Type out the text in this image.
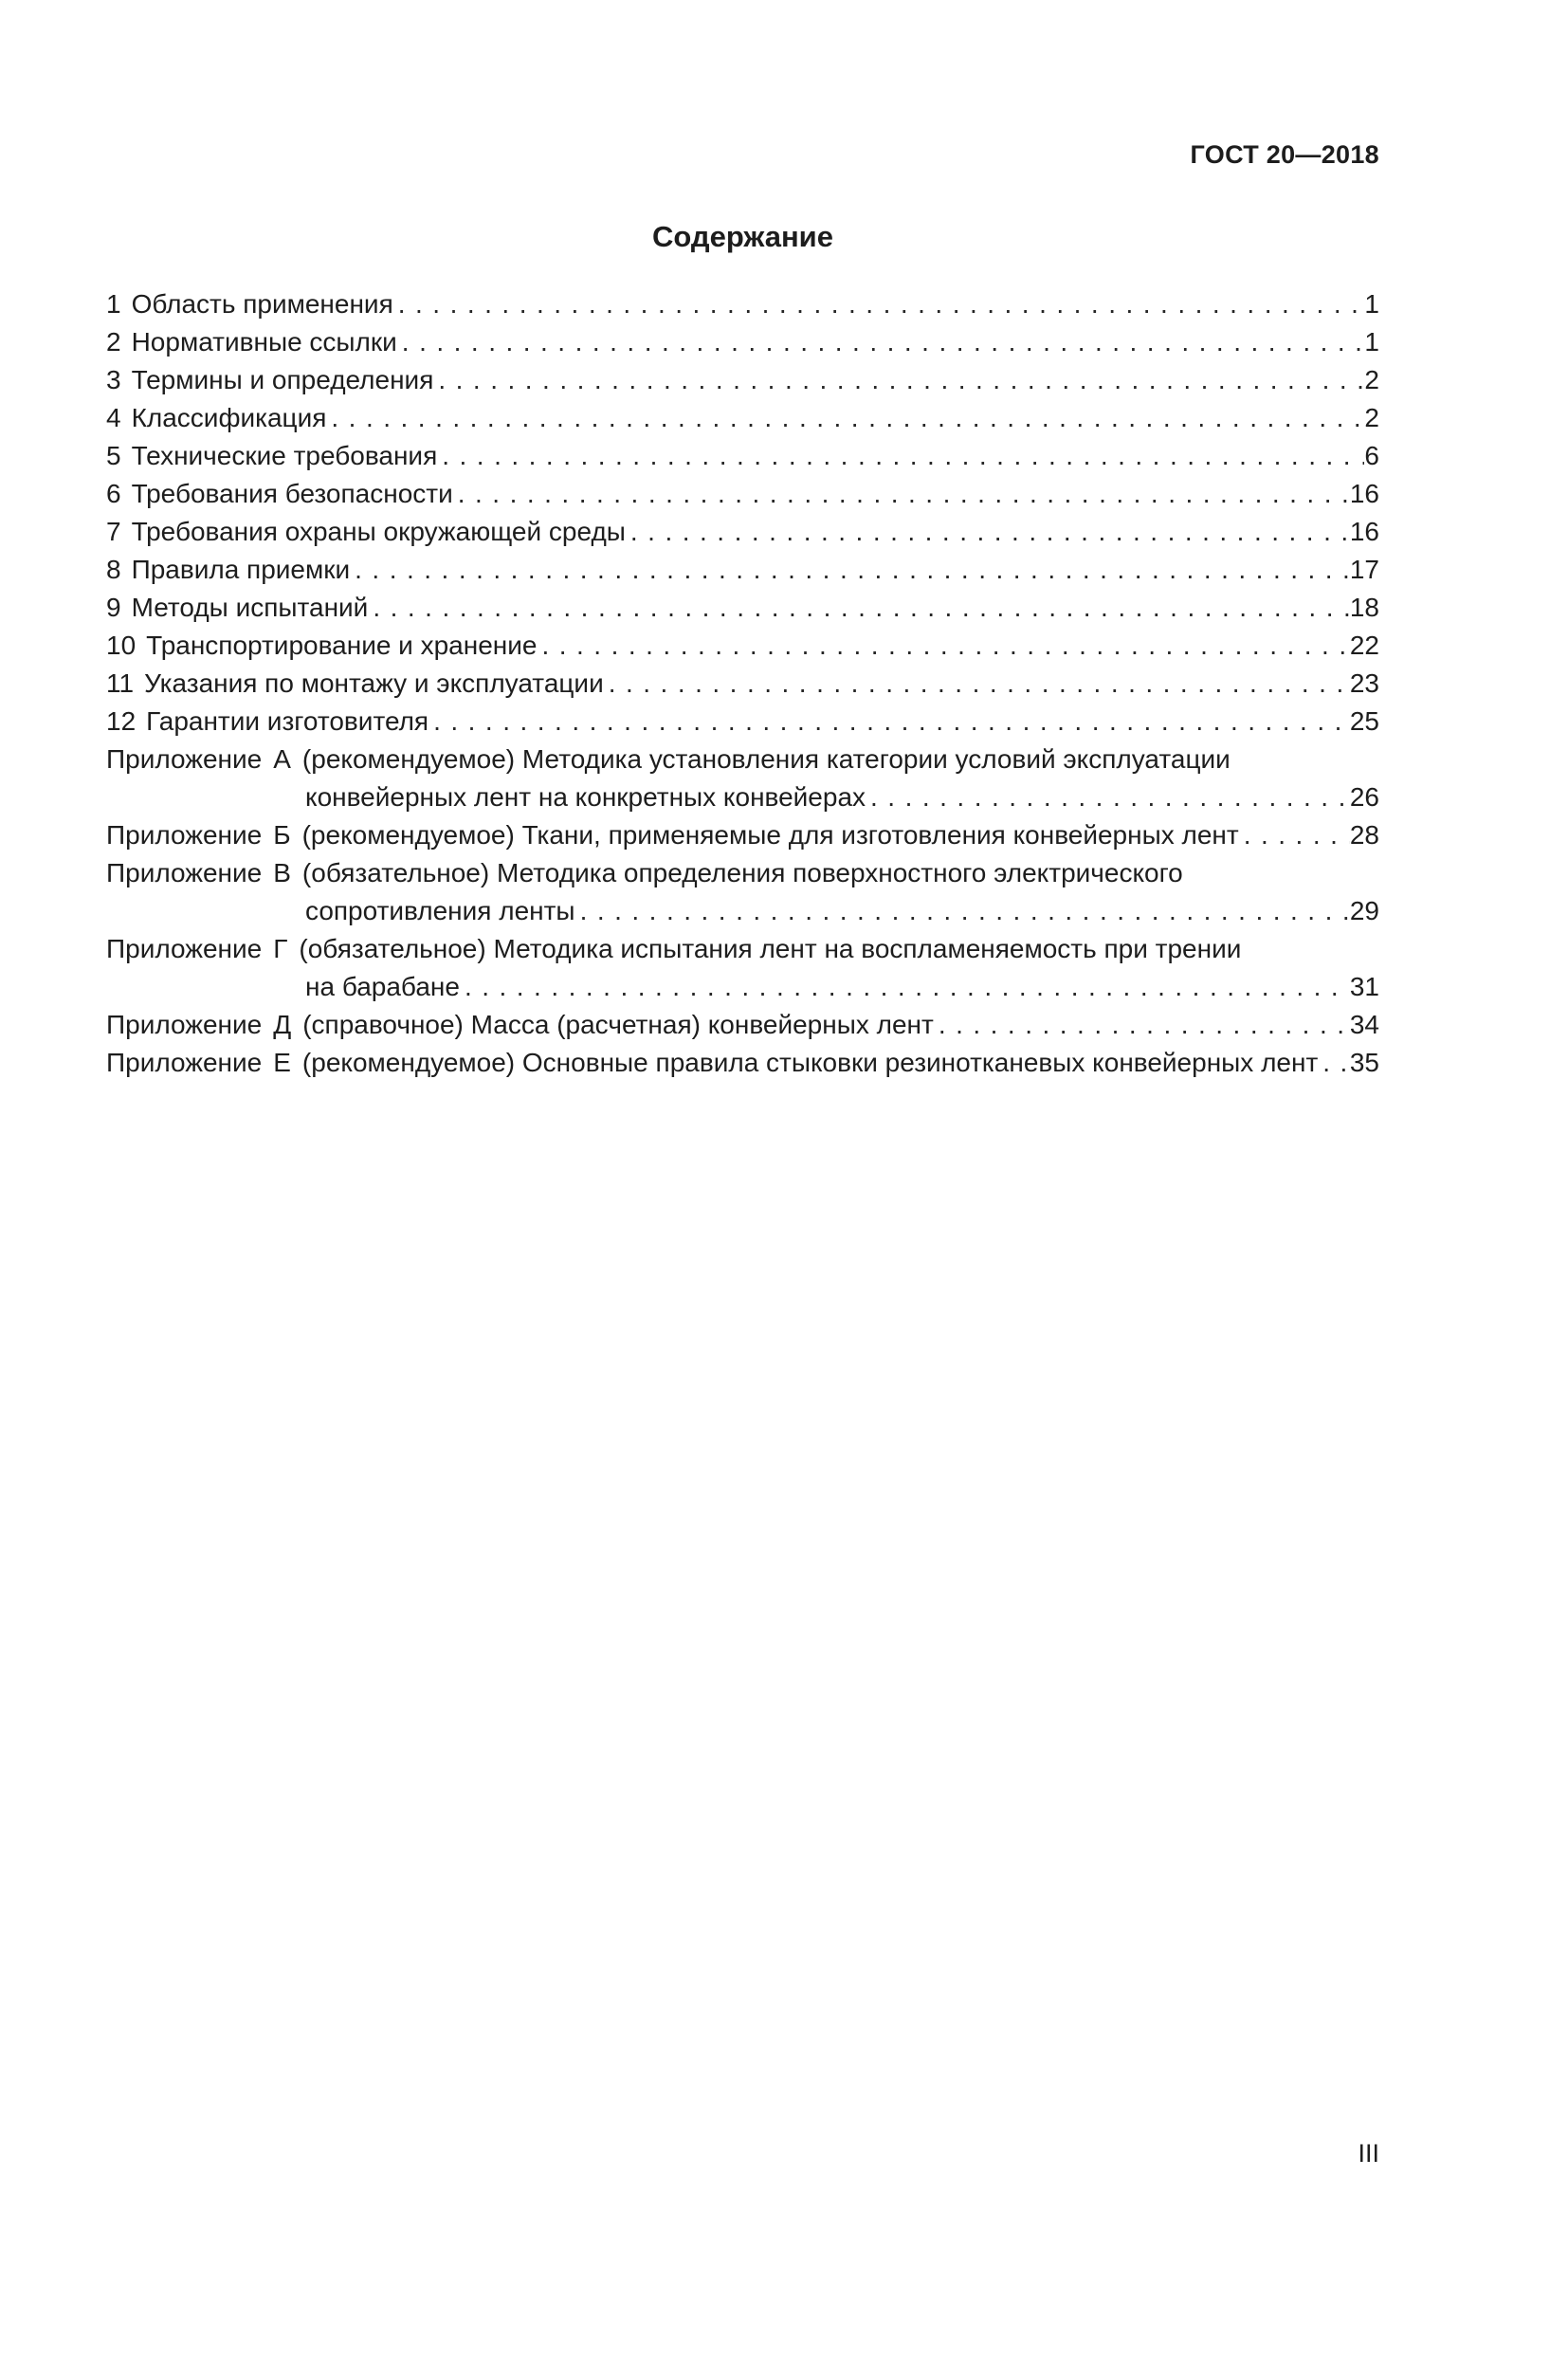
ГОСТ 20—2018
Содержание
1 Область применения .....	1
2 Нормативные ссылки .....	1
3 Термины и определения .....	2
4 Классификация .....	2
5 Технические требования .....	6
6 Требования безопасности .....	16
7 Требования охраны окружающей среды .....	16
8 Правила приемки .....	17
9 Методы испытаний .....	18
10 Транспортирование и хранение .....	22
11 Указания по монтажу и эксплуатации .....	23
12 Гарантии изготовителя .....	25
Приложение А (рекомендуемое) Методика установления категории условий эксплуатации
конвейерных лент на конкретных конвейерах .....	26
Приложение Б (рекомендуемое) Ткани, применяемые для изготовления конвейерных лент .....	28
Приложение В (обязательное) Методика определения поверхностного электрического
сопротивления ленты .....	29
Приложение Г (обязательное) Методика испытания лент на воспламеняемость при трении
на барабане .....	31
Приложение Д (справочное) Масса (расчетная) конвейерных лент .....	34
Приложение Е (рекомендуемое) Основные правила стыковки резинотканевых конвейерных лент ..... 35
III
